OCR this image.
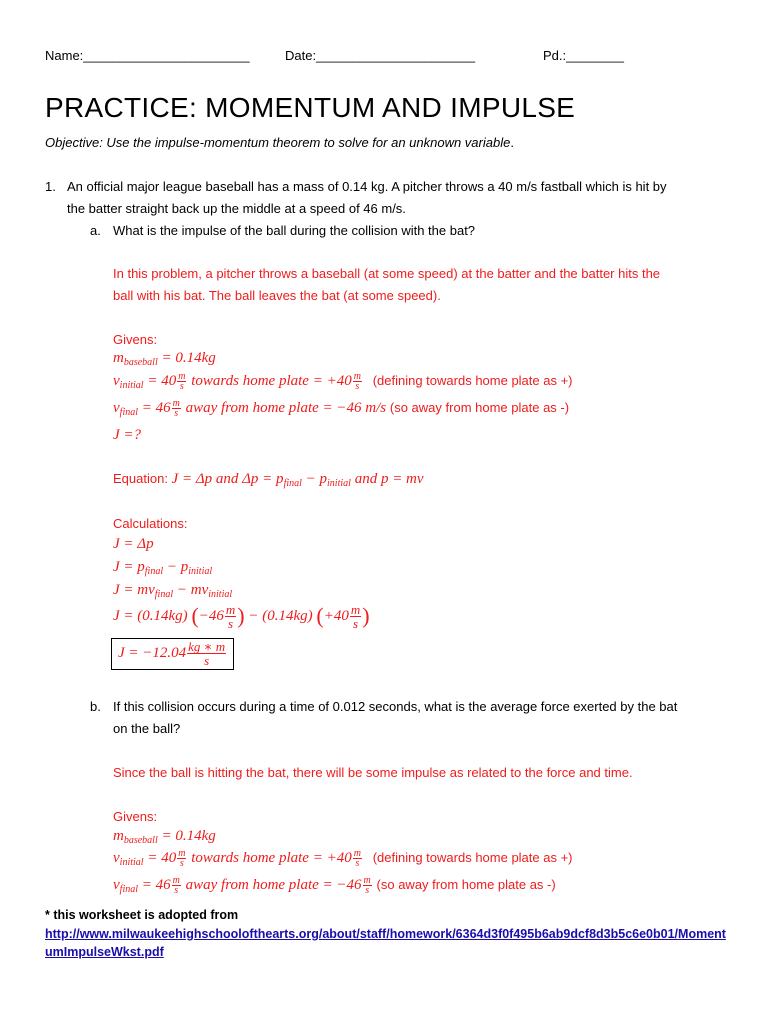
Name:_______________________	Date:______________________	Pd.:________
PRACTICE: MOMENTUM AND IMPULSE
Objective: Use the impulse-momentum theorem to solve for an unknown variable.
1. An official major league baseball has a mass of 0.14 kg. A pitcher throws a 40 m/s fastball which is hit by
the batter straight back up the middle at a speed of 46 m/s.
a. What is the impulse of the ball during the collision with the bat?
In this problem, a pitcher throws a baseball (at some speed) at the batter and the batter hits the
ball with his bat. The ball leaves the bat (at some speed).
Givens:
$m_{baseball} = 0.14kg$
$v_{initial} = 40 \frac{m}{s}$ towards home plate = $+40 \frac{m}{s}$ (defining towards home plate as +)
$v_{final} = 46 \frac{m}{s}$ away from home plate = −46 m/s (so away from home plate as -)
J =?
Equation: J = Δp and $\Delta p = p_{final} - p_{initial}$ and p = mv
Calculations:
J = Δp
$J = p_{final} - p_{initial}$
$J = mv_{final} - mv_{initial}$
J = (0.14kg) ($-46 \frac{m}{s}$ ) − (0.14kg) ($+40 \frac{m}{s}$ )
$J = -12.04 \frac{kg ∗ m}{s}$
b. If this collision occurs during a time of 0.012 seconds, what is the average force exerted by the bat
on the ball?
Since the ball is hitting the bat, there will be some impulse as related to the force and time.
Givens:
$m_{baseball} = 0.14kg$
$v_{initial} = 40 \frac{m}{s}$ towards home plate = $+40 \frac{m}{s}$ (defining towards home plate as +)
$v_{final} = 46 \frac{m}{s}$ away from home plate = $-46 \frac{m}{s} (so$ away from home plate as -)
* this worksheet is adopted from
http://www.milwaukeehighschoolofthearts.org/about/staff/homework/6364d3f0f495b6ab9dcf8d3b5c6e0b01/Moment
umImpulseWkst.pdf
